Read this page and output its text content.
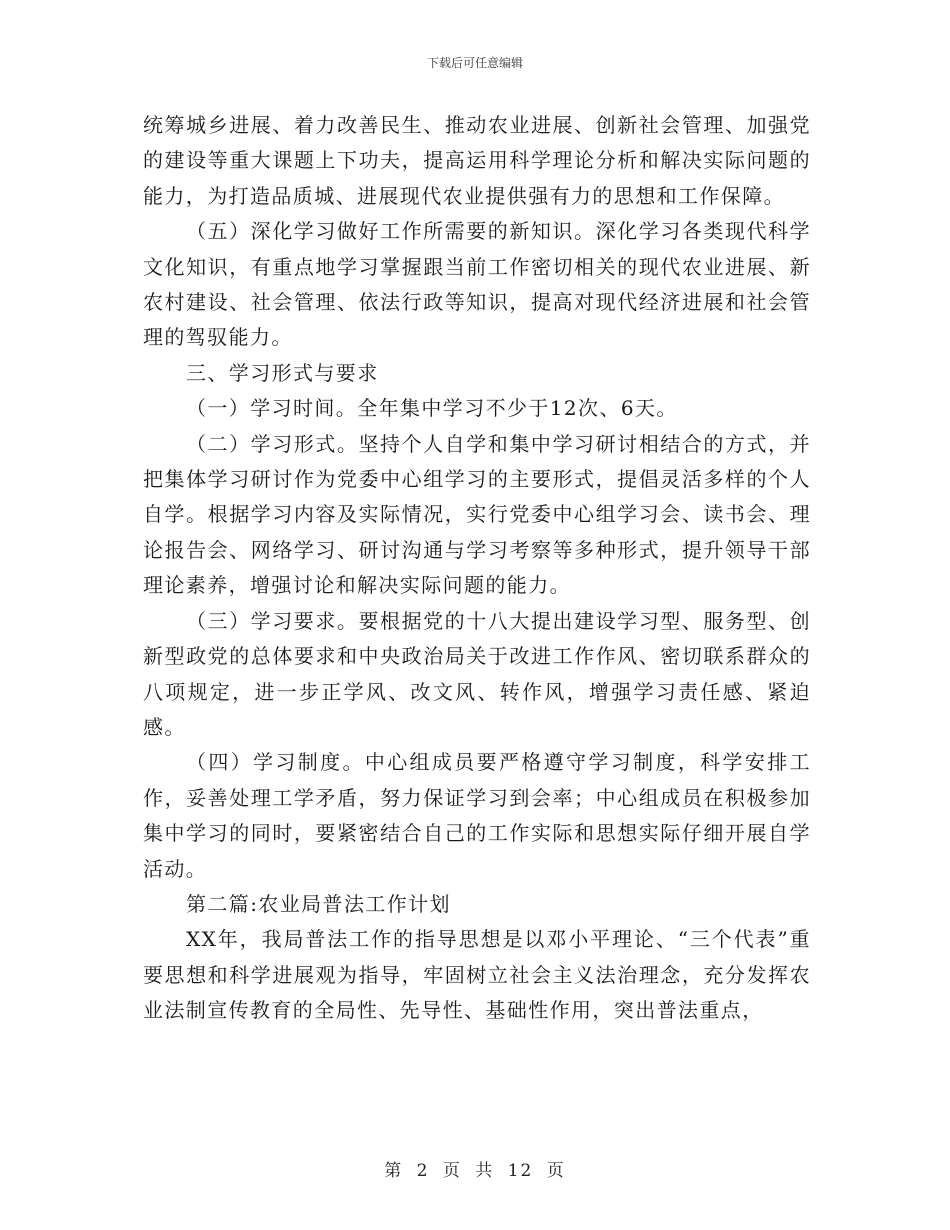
下载后可任意编辑

统筹城乡进展、着力改善民生、推动农业进展、创新社会管理、加强党的建设等重大课题上下功夫，提高运用科学理论分析和解决实际问题的能力，为打造品质城、进展现代农业提供强有力的思想和工作保障。

（五）深化学习做好工作所需要的新知识。深化学习各类现代科学文化知识，有重点地学习掌握跟当前工作密切相关的现代农业进展、新农村建设、社会管理、依法行政等知识，提高对现代经济进展和社会管理的驾驭能力。

三、学习形式与要求

（一）学习时间。全年集中学习不少于12次、6天。

（二）学习形式。坚持个人自学和集中学习研讨相结合的方式，并把集体学习研讨作为党委中心组学习的主要形式，提倡灵活多样的个人自学。根据学习内容及实际情况，实行党委中心组学习会、读书会、理论报告会、网络学习、研讨沟通与学习考察等多种形式，提升领导干部理论素养，增强讨论和解决实际问题的能力。

（三）学习要求。要根据党的十八大提出建设学习型、服务型、创新型政党的总体要求和中央政治局关于改进工作作风、密切联系群众的八项规定，进一步正学风、改文风、转作风，增强学习责任感、紧迫感。

（四）学习制度。中心组成员要严格遵守学习制度，科学安排工作，妥善处理工学矛盾，努力保证学习到会率；中心组成员在积极参加集中学习的同时，要紧密结合自己的工作实际和思想实际仔细开展自学活动。

第二篇:农业局普法工作计划

XX年，我局普法工作的指导思想是以邓小平理论、“三个代表”重要思想和科学进展观为指导，牢固树立社会主义法治理念，充分发挥农业法制宣传教育的全局性、先导性、基础性作用，突出普法重点，

第 2 页 共 12 页
